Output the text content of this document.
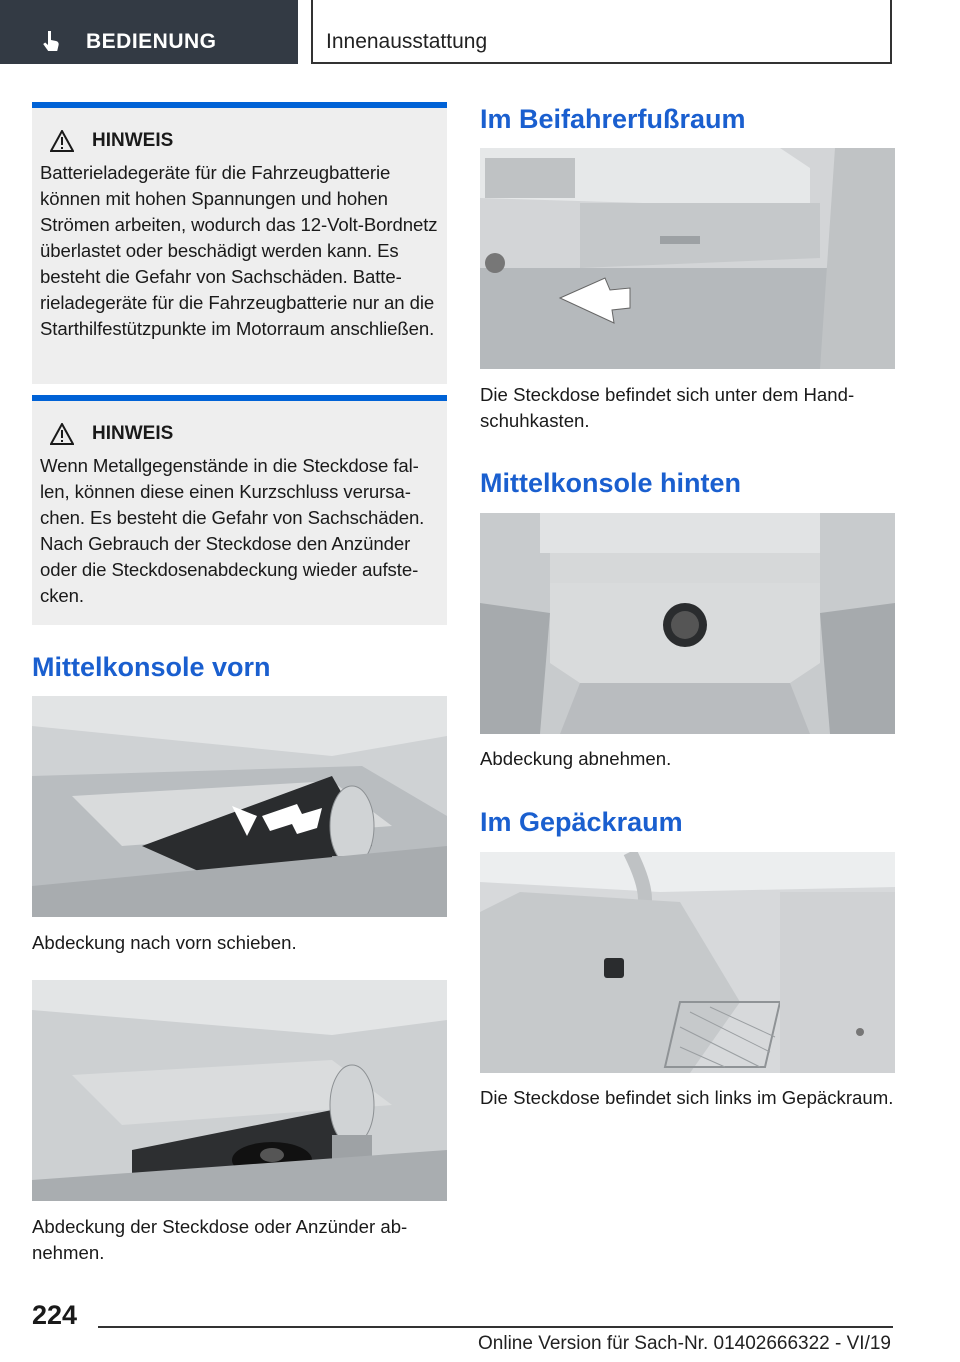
BEDIENUNG	Innenausstattung
HINWEIS

Batterieladegeräte für die Fahrzeugbatterie können mit hohen Spannungen und hohen Strömen arbeiten, wodurch das 12-Volt-Bordnetz überlastet oder beschädigt werden kann. Es besteht die Gefahr von Sachschäden. Batterieladegeräte für die Fahrzeugbatterie nur an die Starthilfestützpunkte im Motorraum anschließen.

HINWEIS

Wenn Metallgegenstände in die Steckdose fallen, können diese einen Kurzschluss verursachen. Es besteht die Gefahr von Sachschäden. Nach Gebrauch der Steckdose den Anzünder oder die Steckdosenabdeckung wieder aufstecken.

Mittelkonsole vorn

Abdeckung nach vorn schieben.

Abdeckung der Steckdose oder Anzünder abnehmen.

Im Beifahrerfußraum

Die Steckdose befindet sich unter dem Handschuhkasten.

Mittelkonsole hinten

Abdeckung abnehmen.

Im Gepäckraum

Die Steckdose befindet sich links im Gepäckraum.

224
Online Version für Sach-Nr. 01402666322 - VI/19
